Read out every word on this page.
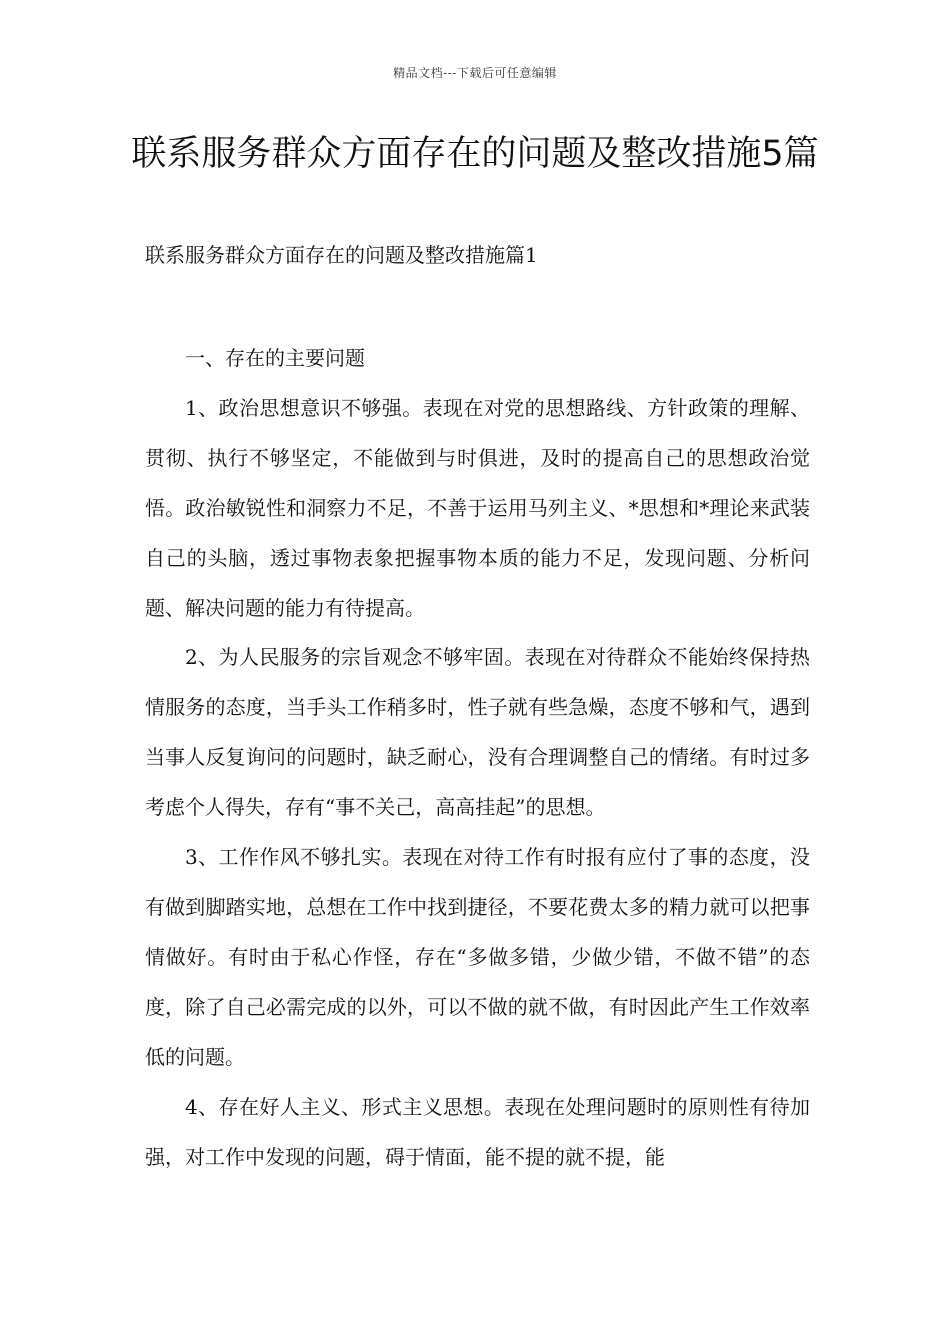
精品文档---下载后可任意编辑
联系服务群众方面存在的问题及整改措施5篇
联系服务群众方面存在的问题及整改措施篇1

一、存在的主要问题

1、政治思想意识不够强。表现在对党的思想路线、方针政策的理解、贯彻、执行不够坚定，不能做到与时俱进，及时的提高自己的思想政治觉悟。政治敏锐性和洞察力不足，不善于运用马列主义、*思想和*理论来武装自己的头脑，透过事物表象把握事物本质的能力不足，发现问题、分析问题、解决问题的能力有待提高。

2、为人民服务的宗旨观念不够牢固。表现在对待群众不能始终保持热情服务的态度，当手头工作稍多时，性子就有些急燥，态度不够和气，遇到当事人反复询问的问题时，缺乏耐心，没有合理调整自己的情绪。有时过多考虑个人得失，存有“事不关己，高高挂起”的思想。

3、工作作风不够扎实。表现在对待工作有时报有应付了事的态度，没有做到脚踏实地，总想在工作中找到捷径，不要花费太多的精力就可以把事情做好。有时由于私心作怪，存在“多做多错，少做少错，不做不错”的态度，除了自己必需完成的以外，可以不做的就不做，有时因此产生工作效率低的问题。

4、存在好人主义、形式主义思想。表现在处理问题时的原则性有待加强，对工作中发现的问题，碍于情面，能不提的就不提，能
